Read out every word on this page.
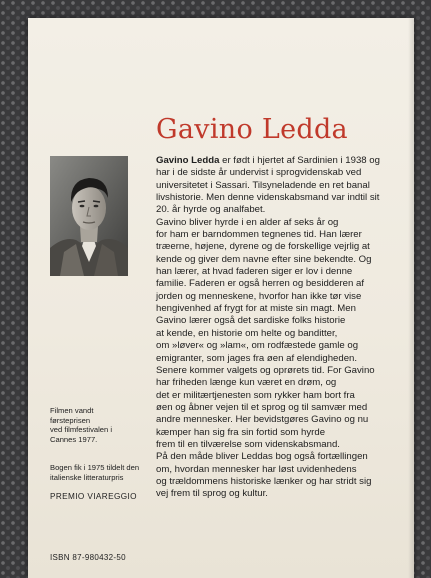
Gavino Ledda

Gavino Ledda er født i hjertet af Sardinien i 1938 og
har i de sidste år undervist i sprogvidenskab ved
universitetet i Sassari. Tilsyneladende en ret banal
livshistorie. Men denne videnskabsmand var indtil sit
20. år hyrde og analfabet.
Gavino bliver hyrde i en alder af seks år og
for ham er barndommen tegnenes tid. Han lærer
træerne, højene, dyrene og de forskellige vejrlig at
kende og giver dem navne efter sine bekendte. Og
han lærer, at hvad faderen siger er lov i denne
familie. Faderen er også herren og besidderen af
jorden og menneskene, hvorfor han ikke tør vise
hengivenhed af frygt for at miste sin magt. Men
Gavino lærer også det sardiske folks historie
at kende, en historie om helte og banditter,
om »løver« og »lam«, om rodfæstede gamle og
emigranter, som jages fra øen af elendigheden.
Senere kommer valgets og oprørets tid. For Gavino
har friheden længe kun været en drøm, og
det er militærtjenesten som rykker ham bort fra
øen og åbner vejen til et sprog og til samvær med
andre mennesker. Her bevidstgøres Gavino og nu
kæmper han sig fra sin fortid som hyrde
frem til en tilværelse som videnskabsmand.
På den måde bliver Leddas bog også fortællingen
om, hvordan mennesker har løst uvidenhedens
og trældommens historiske lænker og har stridt sig
vej frem til sprog og kultur.

Filmen vandt
førsteprisen
ved filmfestivalen i
Cannes 1977.

Bogen fik i 1975 tildelt den
italienske litteraturpris

PREMIO VIAREGGIO

ISBN 87-980432-50
